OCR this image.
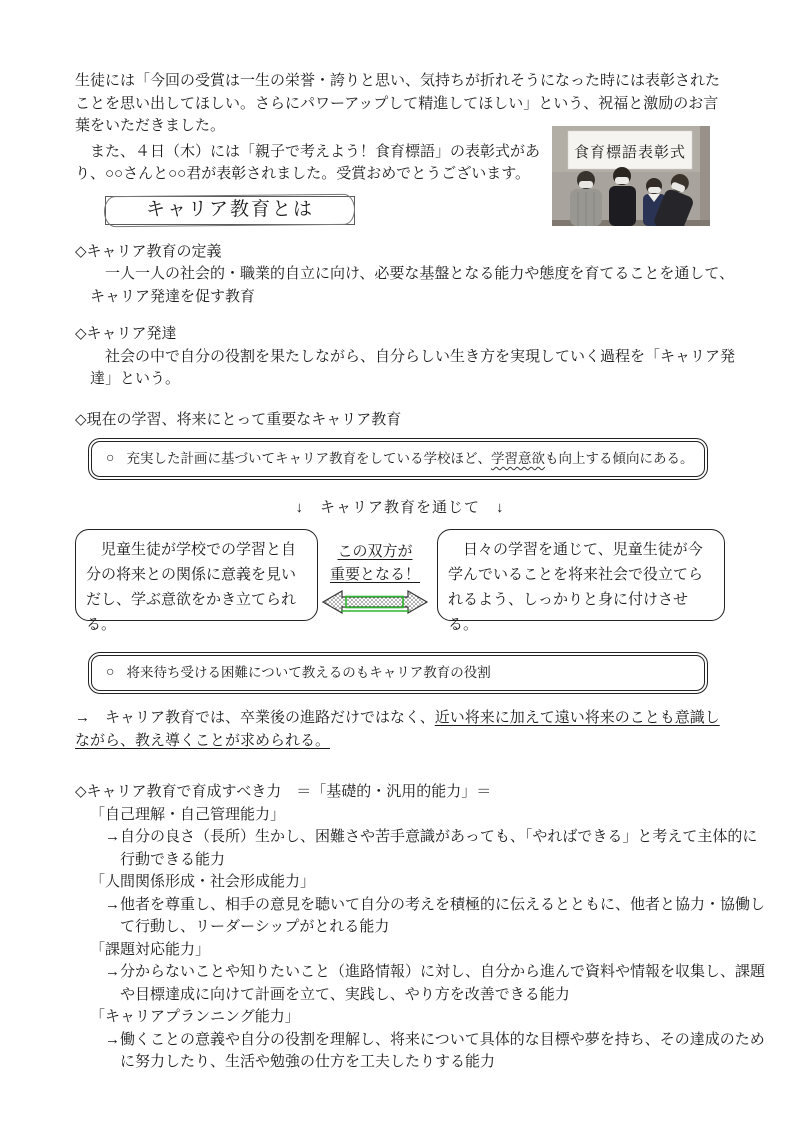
生徒には「今回の受賞は一生の栄誉・誇りと思い、気持ちが折れそうになった時には表彰されたことを思い出してほしい。さらにパワーアップして精進してほしい」という、祝福と激励のお言葉をいただきました。

また、４日（木）には「親子で考えよう！食育標語」の表彰式があり、○○さんと○○君が表彰されました。受賞おめでとうございます。

食育標語表彰式
キャリア教育とは

◇キャリア教育の定義

一人一人の社会的・職業的自立に向け、必要な基盤となる能力や態度を育てることを通して、キャリア発達を促す教育

◇キャリア発達

社会の中で自分の役割を果たしながら、自分らしい生き方を実現していく過程を「キャリア発達」という。

◇現在の学習、将来にとって重要なキャリア教育

○ 充実した計画に基づいてキャリア教育をしている学校ほど、学習意欲も向上する傾向にある。

↓　キャリア教育を通じて　↓

児童生徒が学校での学習と自分の将来との関係に意義を見いだし、学ぶ意欲をかき立てられる。
この双方が
重要となる！
日々の学習を通じて、児童生徒が今学んでいることを将来社会で役立てられるよう、しっかりと身に付けさせる。
○ 将来待ち受ける困難について教えるのもキャリア教育の役割

→　キャリア教育では、卒業後の進路だけではなく、近い将来に加えて遠い将来のことも意識しながら、教え導くことが求められる。

◇キャリア教育で育成すべき力　＝「基礎的・汎用的能力」＝

「自己理解・自己管理能力」

→自分の良さ（長所）生かし、困難さや苦手意識があっても、「やればできる」と考えて主体的に行動できる能力

「人間関係形成・社会形成能力」

→他者を尊重し、相手の意見を聴いて自分の考えを積極的に伝えるとともに、他者と協力・協働して行動し、リーダーシップがとれる能力

「課題対応能力」

→分からないことや知りたいこと（進路情報）に対し、自分から進んで資料や情報を収集し、課題や目標達成に向けて計画を立て、実践し、やり方を改善できる能力

「キャリアプランニング能力」

→働くことの意義や自分の役割を理解し、将来について具体的な目標や夢を持ち、その達成のために努力したり、生活や勉強の仕方を工夫したりする能力
